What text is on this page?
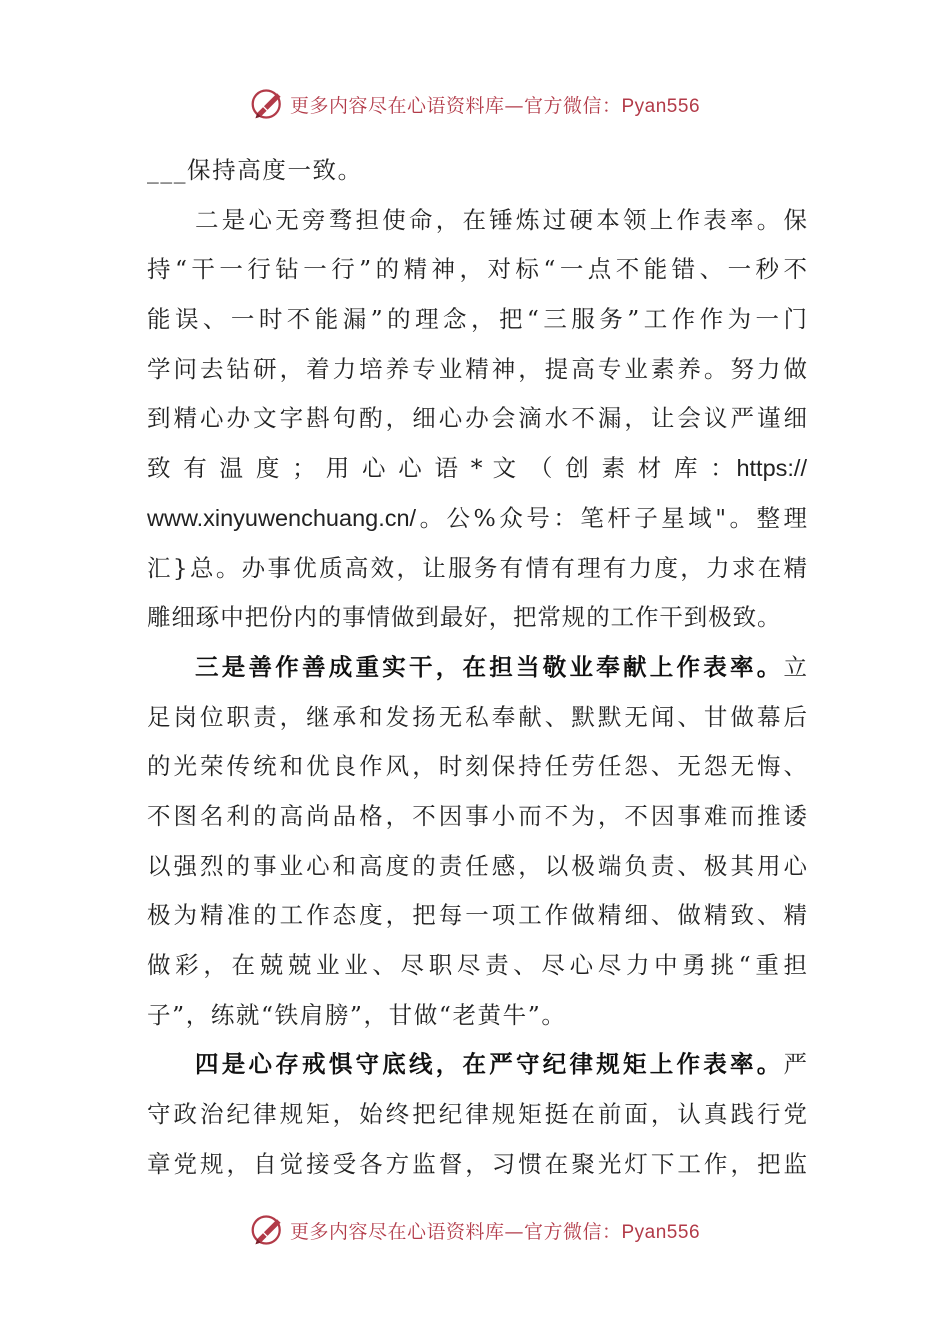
更多内容尽在心语资料库—官方微信：Pyan556
___保持高度一致。
二是心无旁骛担使命，在锤炼过硬本领上作表率。保
持“干一行钻一行”的精神，对标“一点不能错、一秒不
能误、一时不能漏”的理念，把“三服务”工作作为一门
学问去钻研，着力培养专业精神，提高专业素养。努力做
到精心办文字斟句酌，细心办会滴水不漏，让会议严谨细
致 有 温 度 ； 用 心 心 语 * 文 （ 创 素 材 库 ：https://
www.xinyuwenchuang.cn/。公%众号：笔杆子星域"。整理
汇}总。办事优质高效，让服务有情有理有力度，力求在精
雕细琢中把份内的事情做到最好，把常规的工作干到极致。
三是善作善成重实干，在担当敬业奉献上作表率。立
足岗位职责，继承和发扬无私奉献、默默无闻、甘做幕后
的光荣传统和优良作风，时刻保持任劳任怨、无怨无悔、
不图名利的高尚品格，不因事小而不为，不因事难而推诿
以强烈的事业心和高度的责任感，以极端负责、极其用心
极为精准的工作态度，把每一项工作做精细、做精致、精
做彩，在兢兢业业、尽职尽责、尽心尽力中勇挑“重担
子”，练就“铁肩膀”，甘做“老黄牛”。
四是心存戒惧守底线，在严守纪律规矩上作表率。严
守政治纪律规矩，始终把纪律规矩挺在前面，认真践行党
章党规，自觉接受各方监督，习惯在聚光灯下工作，把监
更多内容尽在心语资料库—官方微信：Pyan556
